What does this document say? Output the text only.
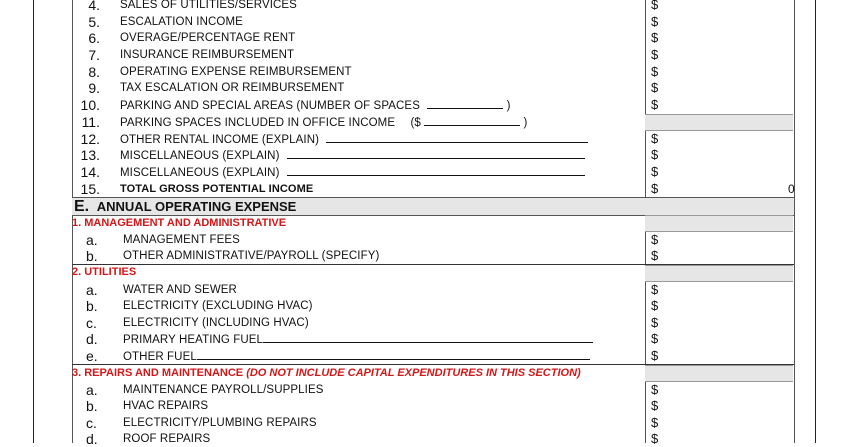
4. SALES OF UTILITIES/SERVICES	$
5. ESCALATION INCOME	$
6. OVERAGE/PERCENTAGE RENT	$
7. INSURANCE REIMBURSEMENT	$
8. OPERATING EXPENSE REIMBURSEMENT	$
9. TAX ESCALATION OR REIMBURSEMENT	$
10. PARKING AND SPECIAL AREAS (NUMBER OF SPACES	)	$
11. PARKING SPACES INCLUDED IN OFFICE INCOME ($	)
12. OTHER RENTAL INCOME (EXPLAIN)	$
13. MISCELLANEOUS (EXPLAIN)	$
14. MISCELLANEOUS (EXPLAIN)	$
15. TOTAL GROSS POTENTIAL INCOME	$	0
E. ANNUAL OPERATING EXPENSE
1. MANAGEMENT AND ADMINISTRATIVE
a. MANAGEMENT FEES	$
b. OTHER ADMINISTRATIVE/PAYROLL (SPECIFY)	$
2. UTILITIES
a. WATER AND SEWER	$
b. ELECTRICITY (EXCLUDING HVAC)	$
c. ELECTRICITY (INCLUDING HVAC)	$
d. PRIMARY HEATING FUEL	$
e. OTHER FUEL	$
3. REPAIRS AND MAINTENANCE (DO NOT INCLUDE CAPITAL EXPENDITURES IN THIS SECTION)
a. MAINTENANCE PAYROLL/SUPPLIES	$
b. HVAC REPAIRS	$
c. ELECTRICITY/PLUMBING REPAIRS	$
d. ROOF REPAIRS	$
